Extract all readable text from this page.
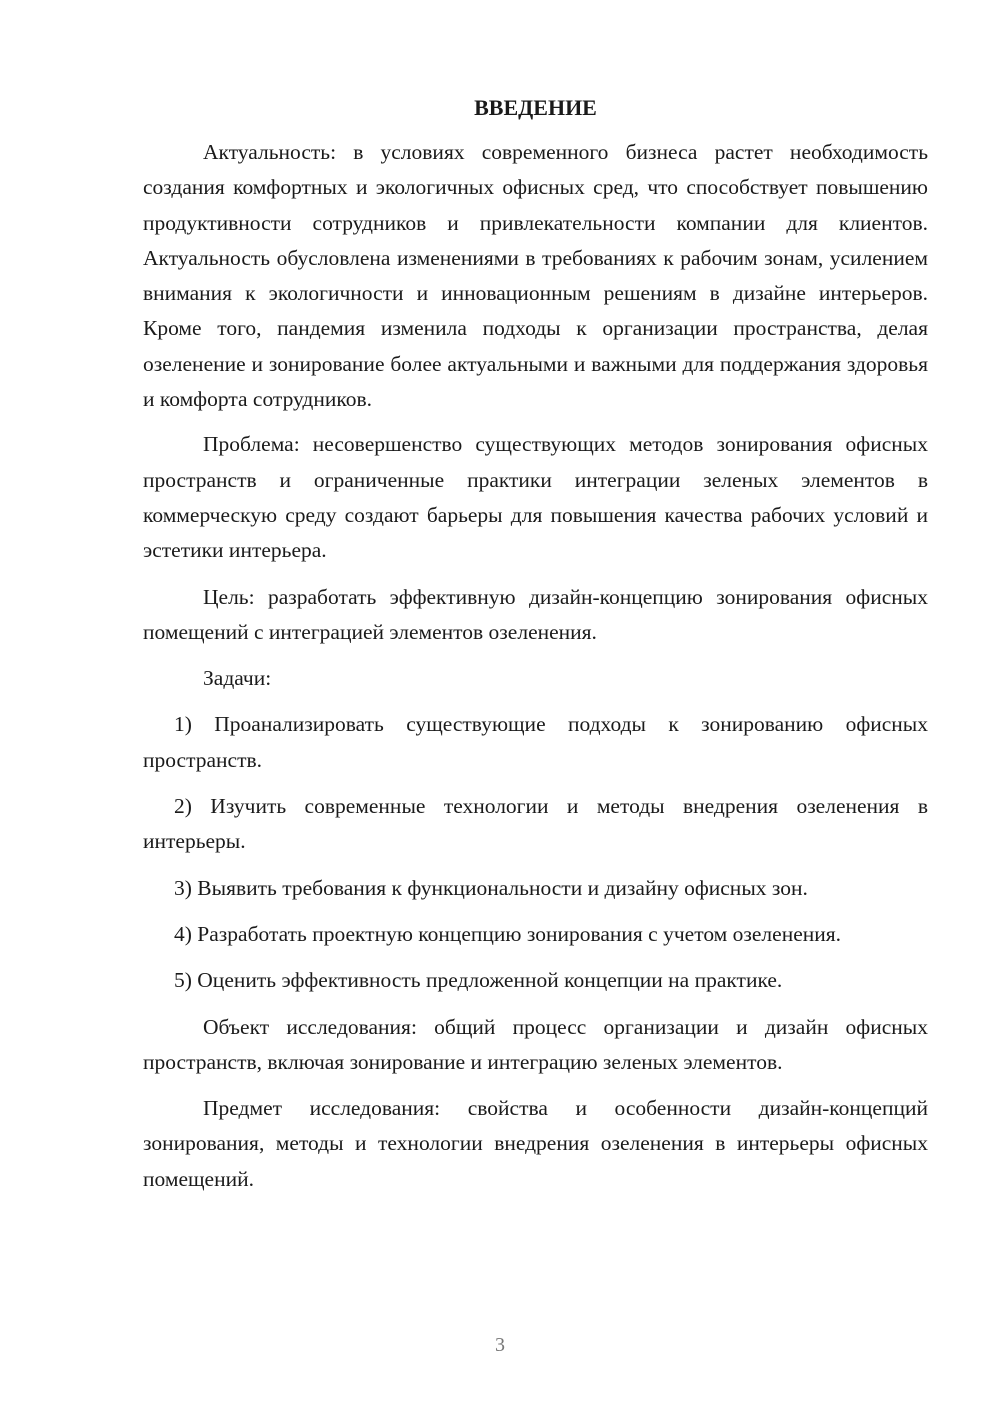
ВВЕДЕНИЕ

Актуальность: в условиях современного бизнеса растет необходимость создания комфортных и экологичных офисных сред, что способствует повышению продуктивности сотрудников и привлекательности компании для клиентов. Актуальность обусловлена изменениями в требованиях к рабочим зонам, усилением внимания к экологичности и инновационным решениям в дизайне интерьеров. Кроме того, пандемия изменила подходы к организации пространства, делая озеленение и зонирование более актуальными и важными для поддержания здоровья и комфорта сотрудников.

Проблема: несовершенство существующих методов зонирования офисных пространств и ограниченные практики интеграции зеленых элементов в коммерческую среду создают барьеры для повышения качества рабочих условий и эстетики интерьера.

Цель: разработать эффективную дизайн-концепцию зонирования офисных помещений с интеграцией элементов озеленения.

Задачи:

1) Проанализировать существующие подходы к зонированию офисных пространств.

2) Изучить современные технологии и методы внедрения озеленения в интерьеры.

3) Выявить требования к функциональности и дизайну офисных зон.

4) Разработать проектную концепцию зонирования с учетом озеленения.

5) Оценить эффективность предложенной концепции на практике.

Объект исследования: общий процесс организации и дизайн офисных пространств, включая зонирование и интеграцию зеленых элементов.

Предмет исследования: свойства и особенности дизайн-концепций зонирования, методы и технологии внедрения озеленения в интерьеры офисных помещений.

3
